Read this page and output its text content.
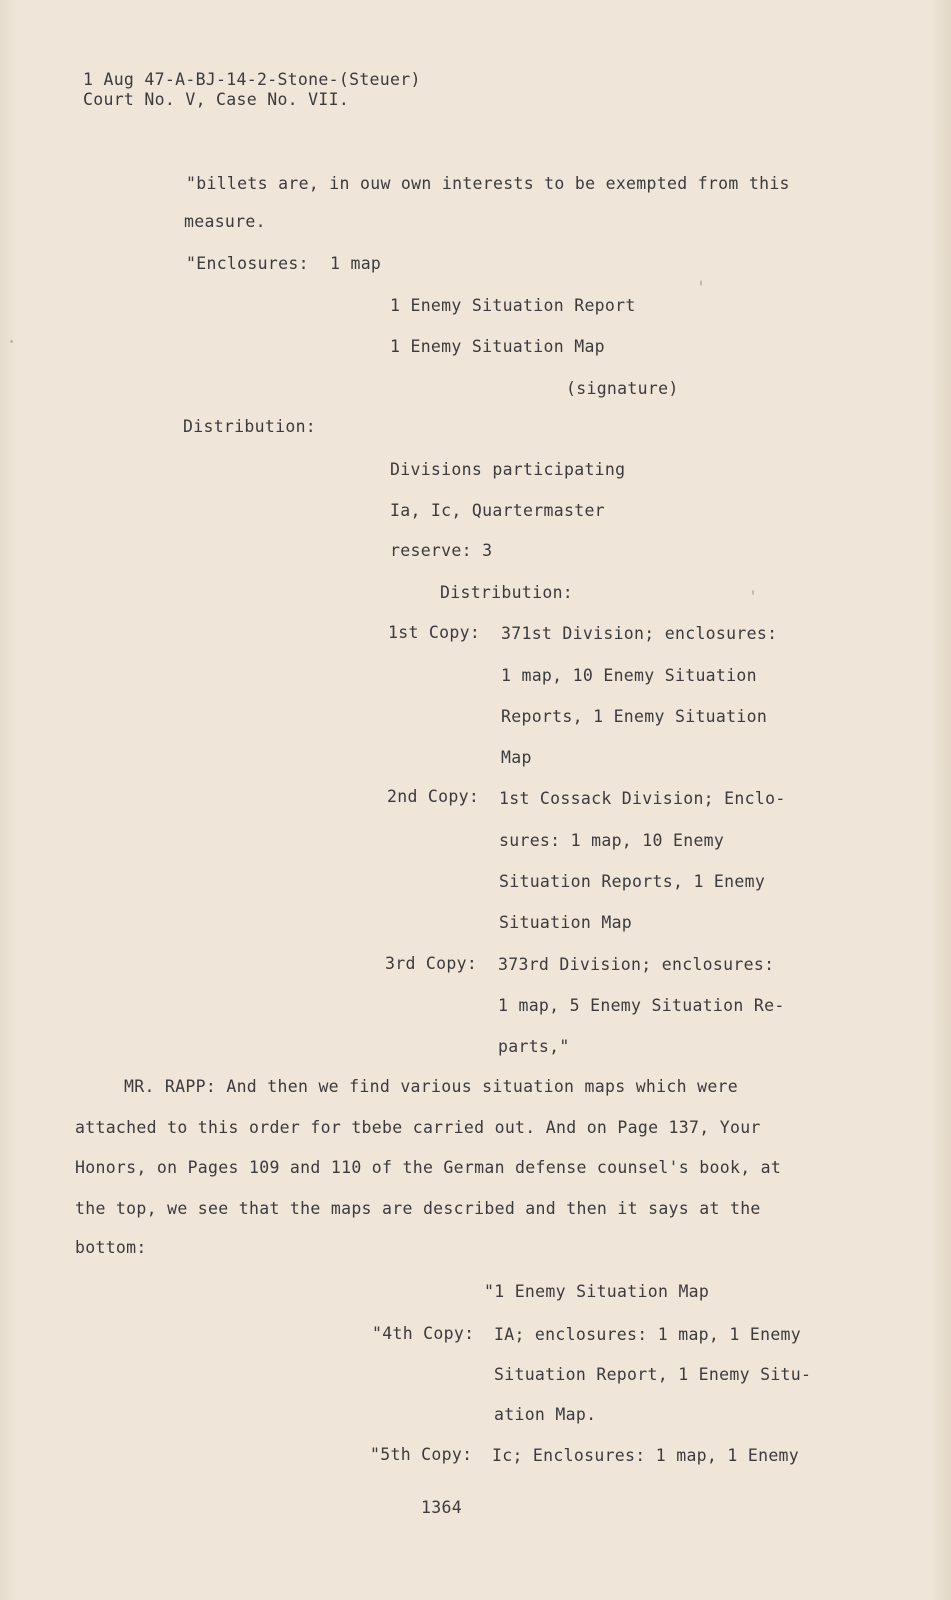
1 Aug 47-A-BJ-14-2-Stone-(Steuer)
Court No. V, Case No. VII.
"billets are, in ouw own interests to be exempted from this
measure.
"Enclosures: 1 map
1 Enemy Situation Report
1 Enemy Situation Map
(signature)
Distribution:
Divisions participating
Ia, Ic, Quartermaster
reserve: 3
Distribution:
1st Copy: 371st Division; enclosures:
1 map, 10 Enemy Situation
Reports, 1 Enemy Situation
Map
2nd Copy: 1st Cossack Division; Enclo-
sures: 1 map, 10 Enemy
Situation Reports, 1 Enemy
Situation Map
3rd Copy: 373rd Division; enclosures:
1 map, 5 Enemy Situation Re-
parts,"
MR. RAPP: And then we find various situation maps which were
attached to this order for tbebe carried out. And on Page 137, Your
Honors, on Pages 109 and 110 of the German defense counsel's book, at
the top, we see that the maps are described and then it says at the
bottom:
"1 Enemy Situation Map
"4th Copy: IA; enclosures: 1 map, 1 Enemy
Situation Report, 1 Enemy Situ-
ation Map.
"5th Copy: Ic; Enclosures: 1 map, 1 Enemy
1364
